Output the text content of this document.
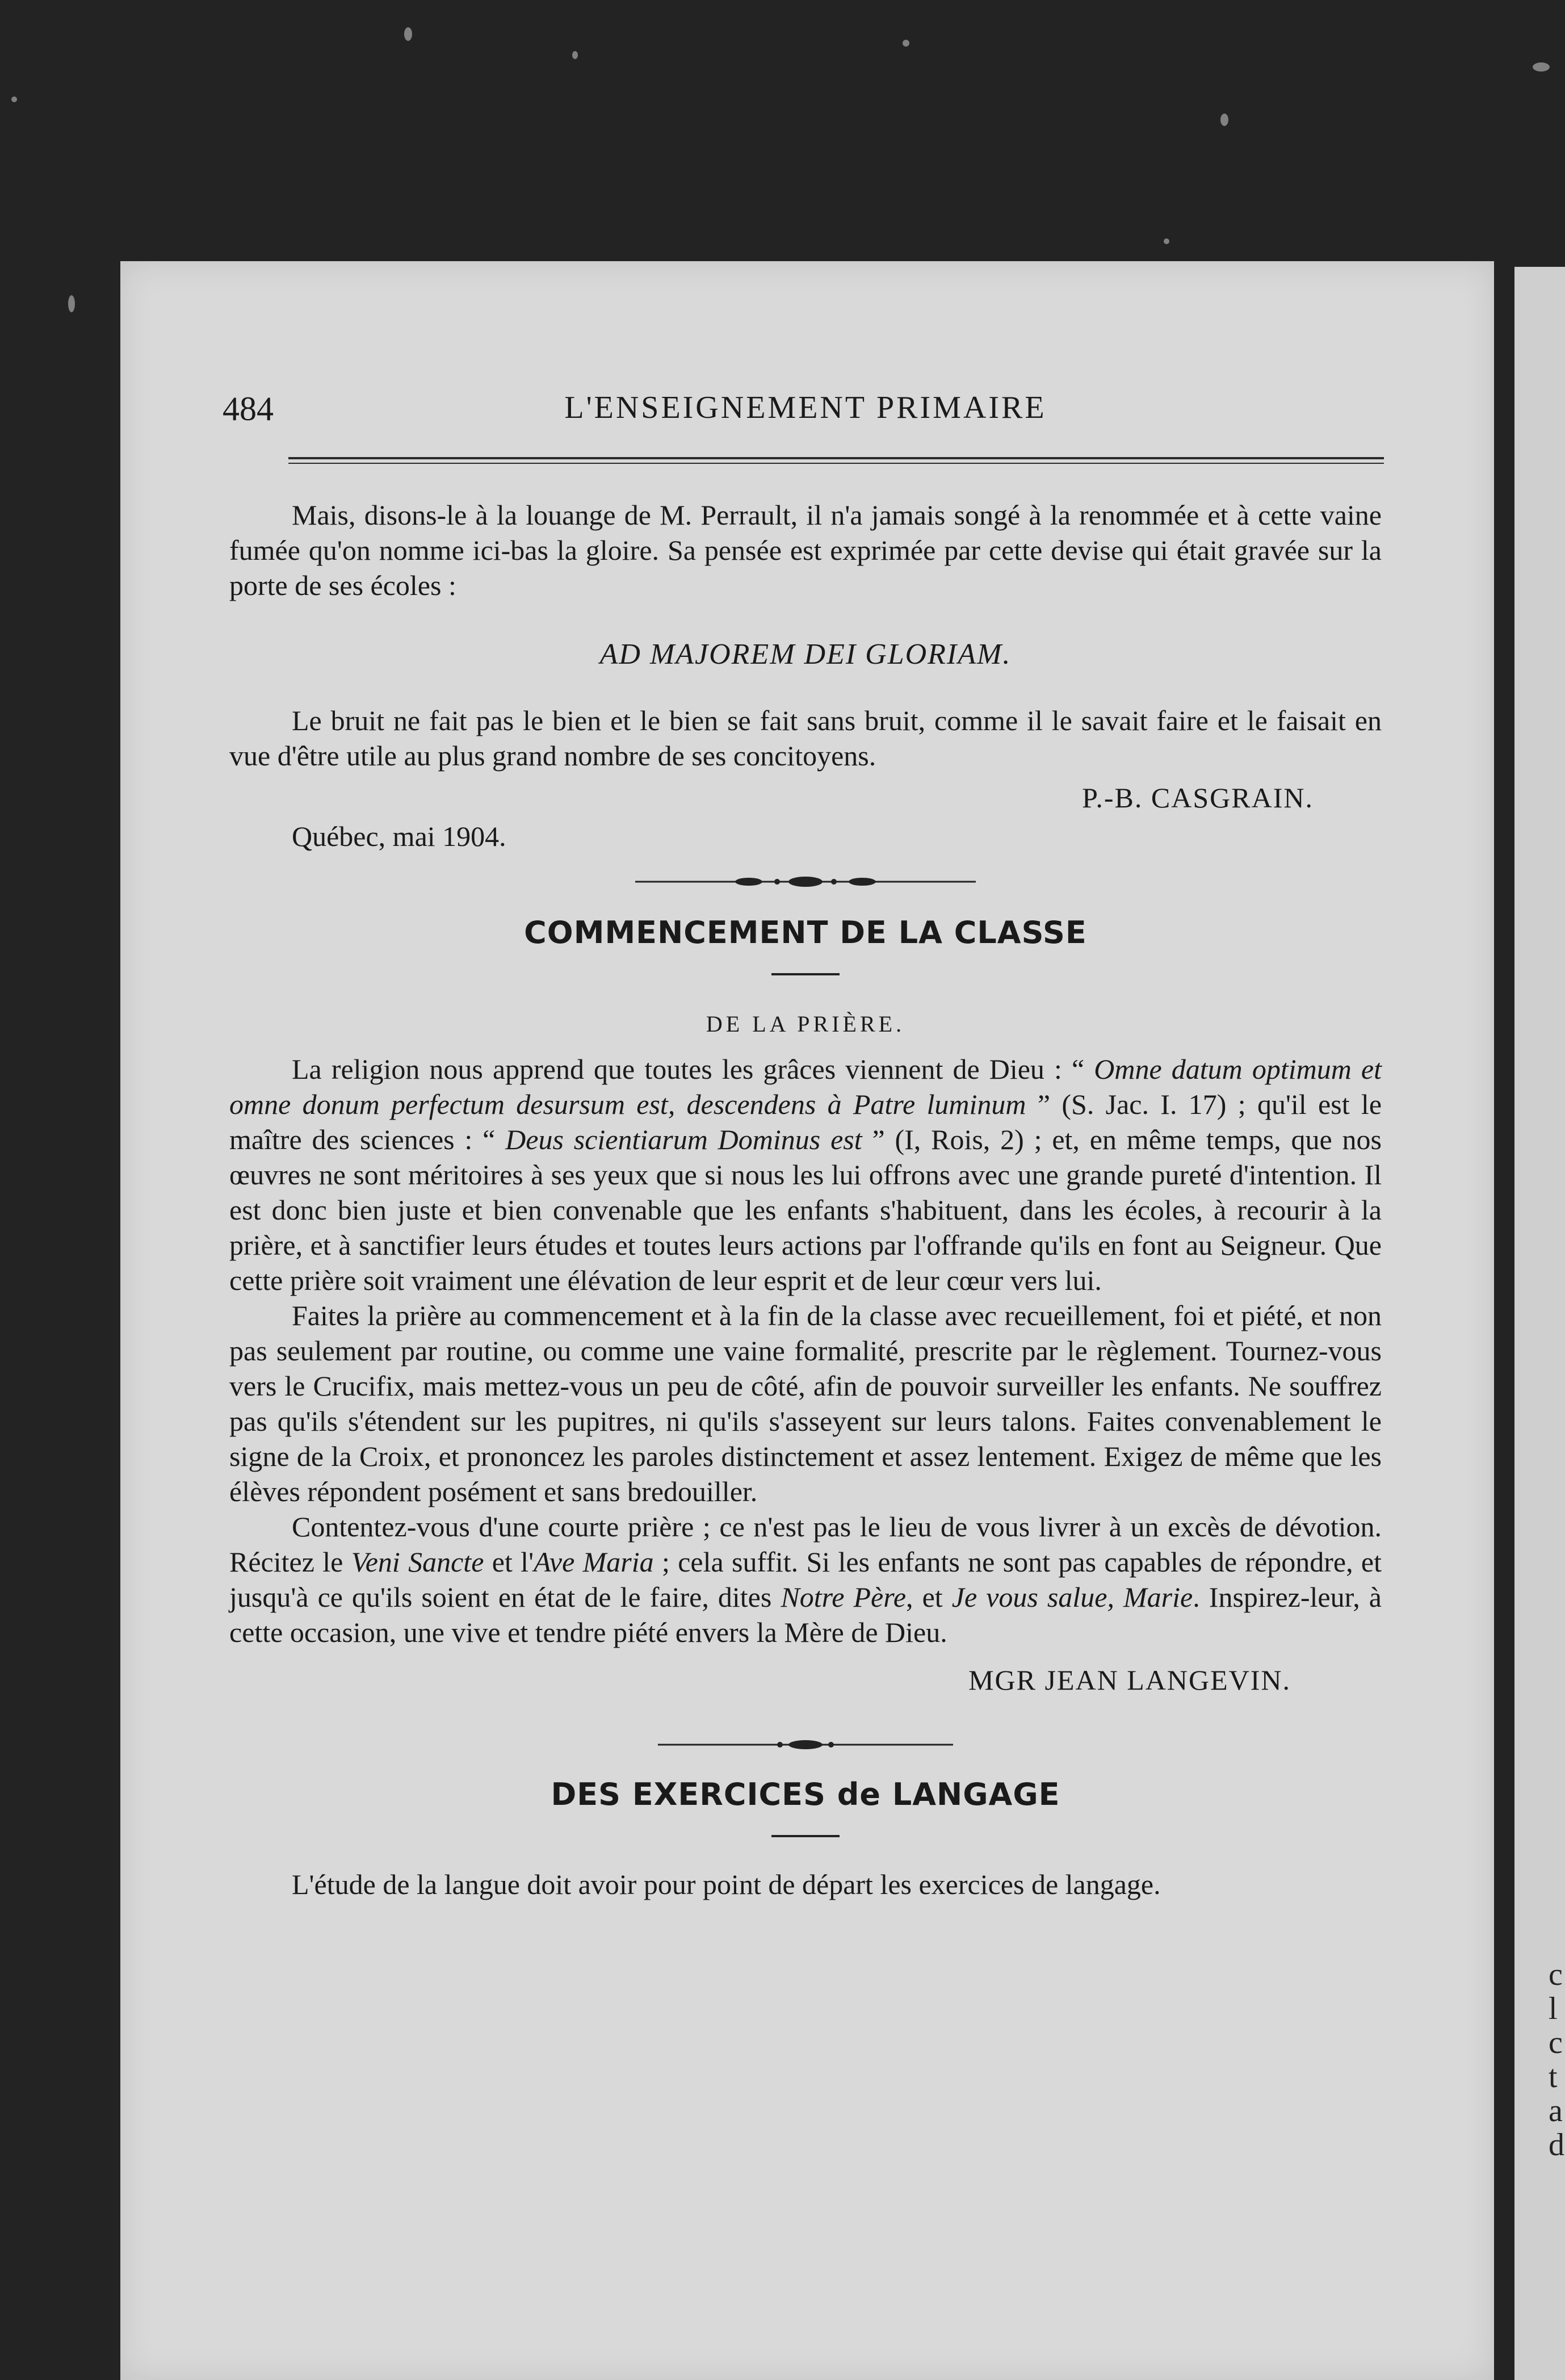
c
l
c
t
a
d
484	L'ENSEIGNEMENT PRIMAIRE

Mais, disons-le à la louange de M. Perrault, il n'a jamais songé à la renommée et à cette vaine fumée qu'on nomme ici-bas la gloire. Sa pensée est exprimée par cette devise qui était gravée sur la porte de ses écoles :

AD MAJOREM DEI GLORIAM.

Le bruit ne fait pas le bien et le bien se fait sans bruit, comme il le savait faire et le faisait en vue d'être utile au plus grand nombre de ses concitoyens.

P.-B. CASGRAIN.
Québec, mai 1904.
COMMENCEMENT DE LA CLASSE
DE LA PRIÈRE.

La religion nous apprend que toutes les grâces viennent de Dieu : “ Omne datum optimum et omne donum perfectum desursum est, descendens à Patre luminum ” (S. Jac. I. 17) ; qu'il est le maître des sciences : “ Deus scientiarum Dominus est ” (I, Rois, 2) ; et, en même temps, que nos œuvres ne sont méritoires à ses yeux que si nous les lui offrons avec une grande pureté d'intention. Il est donc bien juste et bien convenable que les enfants s'habituent, dans les écoles, à recourir à la prière, et à sanctifier leurs études et toutes leurs actions par l'offrande qu'ils en font au Seigneur. Que cette prière soit vraiment une élévation de leur esprit et de leur cœur vers lui.

Faites la prière au commencement et à la fin de la classe avec recueillement, foi et piété, et non pas seulement par routine, ou comme une vaine formalité, prescrite par le règlement. Tournez-vous vers le Crucifix, mais mettez-vous un peu de côté, afin de pouvoir surveiller les enfants. Ne souffrez pas qu'ils s'étendent sur les pupitres, ni qu'ils s'asseyent sur leurs talons. Faites convenablement le signe de la Croix, et prononcez les paroles distinctement et assez lentement. Exigez de même que les élèves répondent posément et sans bredouiller.

Contentez-vous d'une courte prière ; ce n'est pas le lieu de vous livrer à un excès de dévotion. Récitez le Veni Sancte et l'Ave Maria ; cela suffit. Si les enfants ne sont pas capables de répondre, et jusqu'à ce qu'ils soient en état de le faire, dites Notre Père, et Je vous salue, Marie. Inspirez-leur, à cette occasion, une vive et tendre piété envers la Mère de Dieu.

MGR JEAN LANGEVIN.
DES EXERCICES de LANGAGE

L'étude de la langue doit avoir pour point de départ les exercices de langage.
